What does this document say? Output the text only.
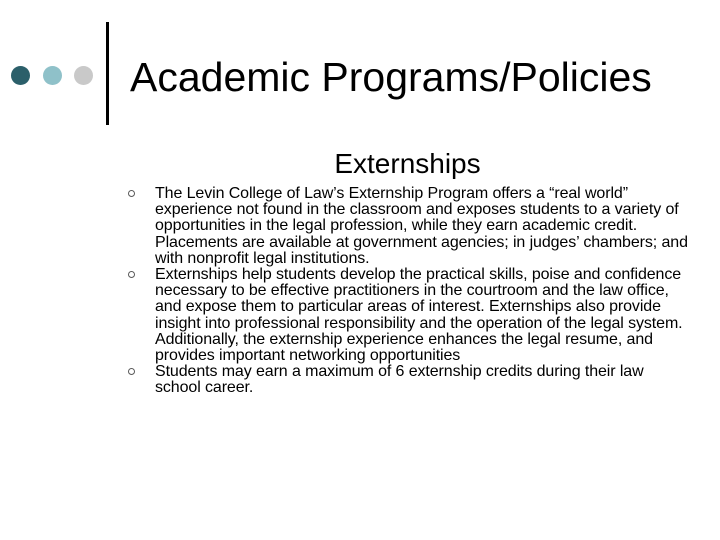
Academic Programs/Policies
Externships
The Levin College of Law’s Externship Program offers a “real world” experience not found in the classroom and exposes students to a variety of opportunities in the legal profession, while they earn academic credit. Placements are available at government agencies; in judges’ chambers; and with nonprofit legal institutions.
Externships help students develop the practical skills, poise and confidence necessary to be effective practitioners in the courtroom and the law office, and expose them to particular areas of interest. Externships also provide insight into professional responsibility and the operation of the legal system. Additionally, the externship experience enhances the legal resume, and provides important networking opportunities
Students may earn a maximum of 6 externship credits during their law school career.
